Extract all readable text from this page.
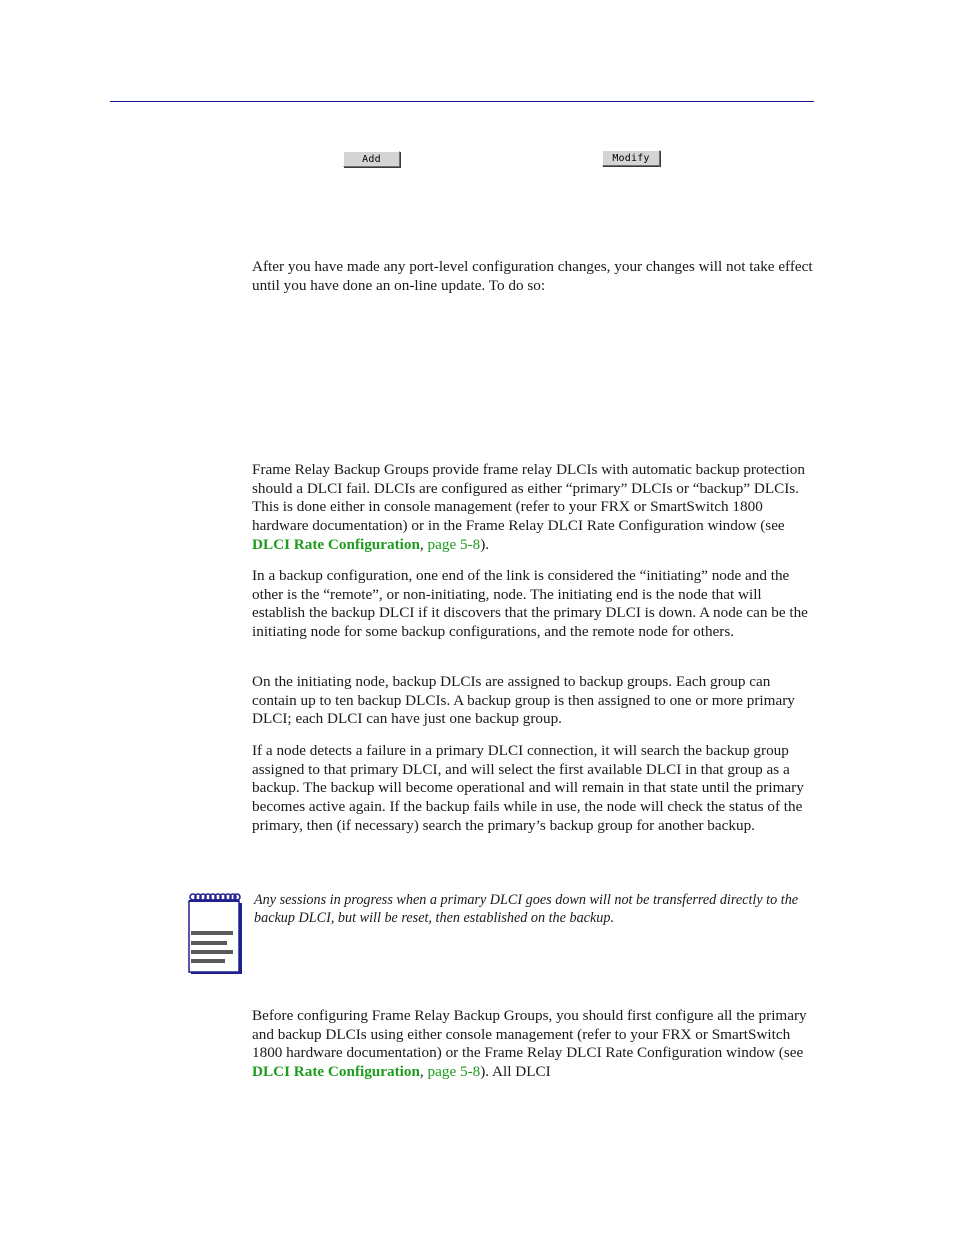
Add	Modify

After you have made any port-level configuration changes, your changes will not take effect until you have done an on-line update. To do so:

Frame Relay Backup Groups provide frame relay DLCIs with automatic backup protection should a DLCI fail. DLCIs are configured as either “primary” DLCIs or “backup” DLCIs. This is done either in console management (refer to your FRX or SmartSwitch 1800 hardware documentation) or in the Frame Relay DLCI Rate Configuration window (see DLCI Rate Configuration, page 5-8).

In a backup configuration, one end of the link is considered the “initiating” node and the other is the “remote”, or non-initiating, node. The initiating end is the node that will establish the backup DLCI if it discovers that the primary DLCI is down. A node can be the initiating node for some backup configurations, and the remote node for others.

On the initiating node, backup DLCIs are assigned to backup groups. Each group can contain up to ten backup DLCIs. A backup group is then assigned to one or more primary DLCI; each DLCI can have just one backup group.

If a node detects a failure in a primary DLCI connection, it will search the backup group assigned to that primary DLCI, and will select the first available DLCI in that group as a backup. The backup will become operational and will remain in that state until the primary becomes active again. If the backup fails while in use, the node will check the status of the primary, then (if necessary) search the primary’s backup group for another backup.

Any sessions in progress when a primary DLCI goes down will not be transferred directly to the backup DLCI, but will be reset, then established on the backup.

Before configuring Frame Relay Backup Groups, you should first configure all the primary and backup DLCIs using either console management (refer to your FRX or SmartSwitch 1800 hardware documentation) or the Frame Relay DLCI Rate Configuration window (see DLCI Rate Configuration, page 5-8). All DLCI
